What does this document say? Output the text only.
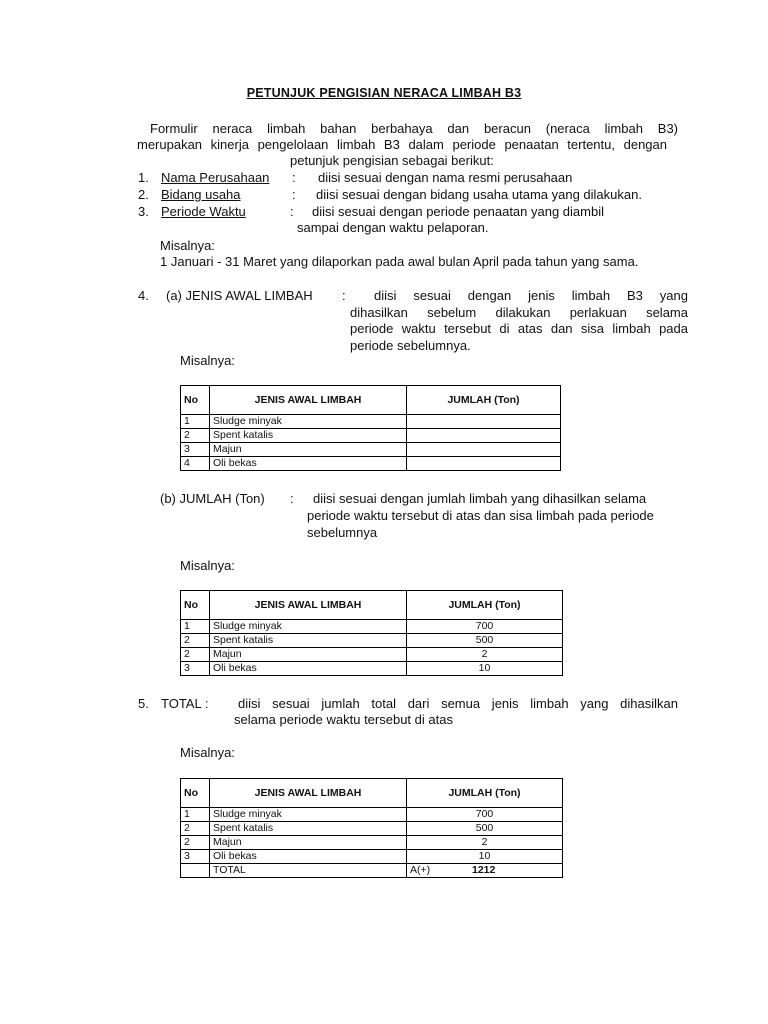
PETUNJUK PENGISIAN NERACA LIMBAH B3
Formulir neraca limbah bahan berbahaya dan beracun (neraca limbah B3)
merupakan kinerja pengelolaan limbah B3 dalam periode penaatan tertentu, dengan
petunjuk pengisian sebagai berikut:
1. Nama Perusahaan : diisi sesuai dengan nama resmi perusahaan
2. Bidang usaha	: diisi sesuai dengan bidang usaha utama yang dilakukan.
3. Periode Waktu	: diisi sesuai dengan periode penaatan yang diambil
sampai dengan waktu pelaporan.
Misalnya:
1 Januari - 31 Maret yang dilaporkan pada awal bulan April pada tahun yang sama.
4. (a) JENIS AWAL LIMBAH : diisi sesuai dengan jenis limbah B3 yang
dihasilkan sebelum dilakukan perlakuan selama
periode waktu tersebut di atas dan sisa limbah pada
periode sebelumnya.
Misalnya:
No	JENIS AWAL LIMBAH	JUMLAH (Ton)
1	Sludge minyak	
2	Spent katalis	
3	Majun	
4	Oli bekas	
(b) JUMLAH (Ton) : diisi sesuai dengan jumlah limbah yang dihasilkan selama
periode waktu tersebut di atas dan sisa limbah pada periode
sebelumnya
Misalnya:
No	JENIS AWAL LIMBAH	JUMLAH (Ton)
1	Sludge minyak	700
2	Spent katalis	500
2	Majun	2
3	Oli bekas	10
5. TOTAL : diisi sesuai jumlah total dari semua jenis limbah yang dihasilkan
selama periode waktu tersebut di atas
Misalnya:
No	JENIS AWAL LIMBAH	JUMLAH (Ton)
1	Sludge minyak	700
2	Spent katalis	500
2	Majun	2
3	Oli bekas	10
	TOTAL	A(+) 1212
